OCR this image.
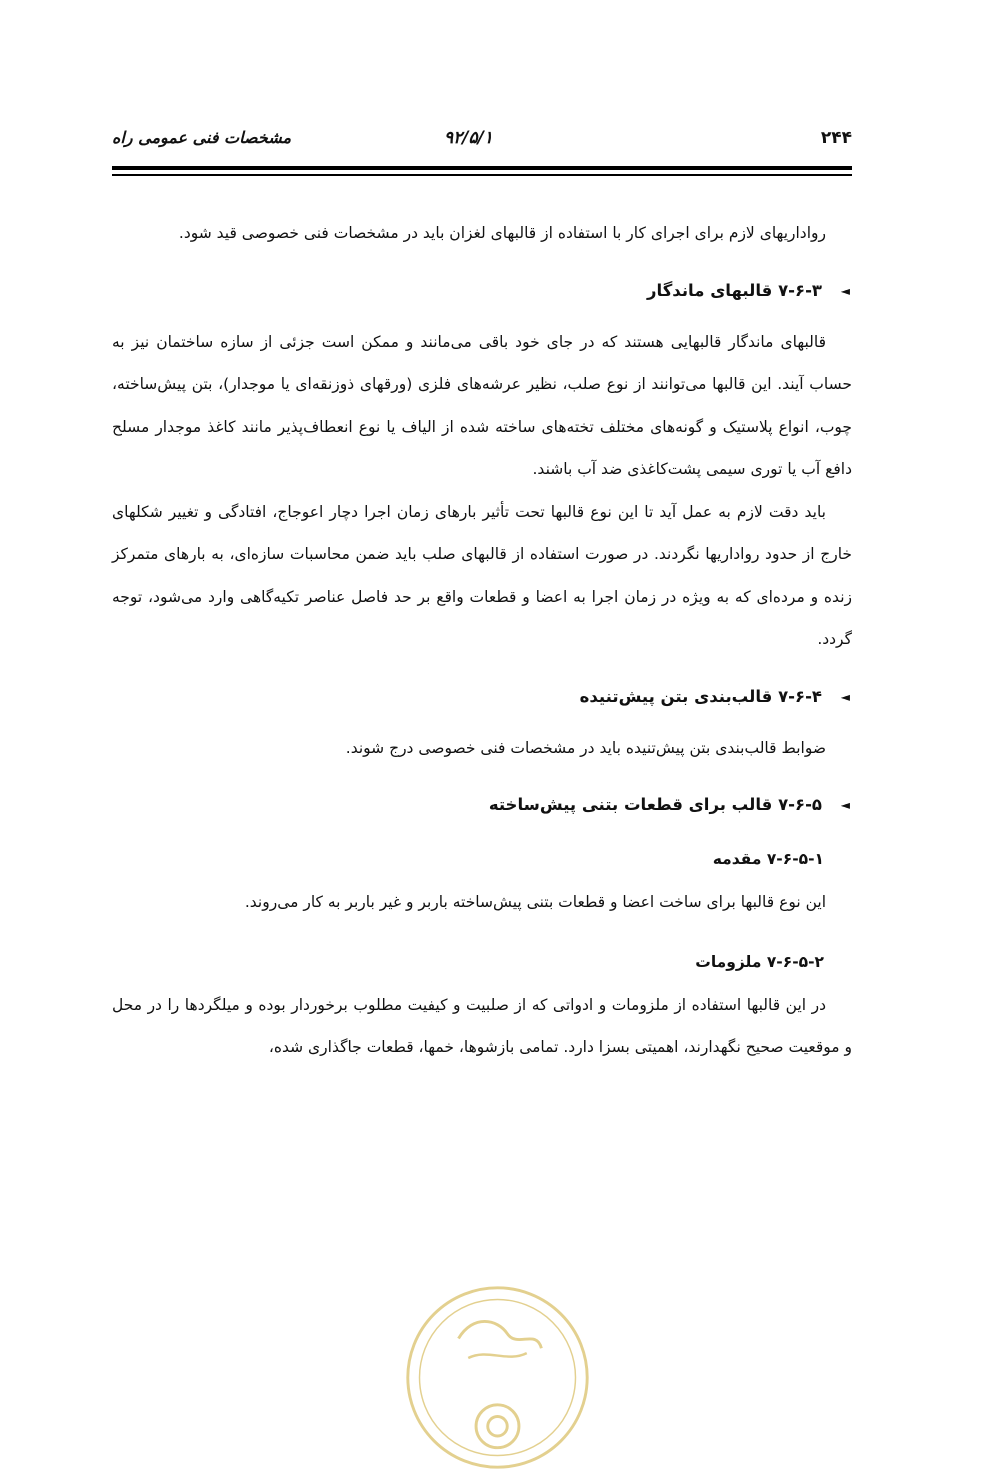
۲۴۴
۹۲/۵/۱
مشخصات فنی عمومی راه

رواداریهای لازم برای اجرای کار با استفاده از قالبهای لغزان باید در مشخصات فنی خصوصی قید شود.

◄
۷-۶-۳ قالبهای ماندگار

قالبهای ماندگار قالبهایی هستند که در جای خود باقی می‌مانند و ممکن است جزئی از سازه ساختمان نیز به حساب آیند. این قالبها می‌توانند از نوع صلب، نظیر عرشه‌های فلزی (ورقهای ذوزنقه‌ای یا موجدار)، بتن پیش‌ساخته، چوب، انواع پلاستیک و گونه‌های مختلف تخته‌های ساخته شده از الیاف یا نوع انعطاف‌پذیر مانند کاغذ موجدار مسلح دافع آب یا توری سیمی پشت‌کاغذی ضد آب باشند.

باید دقت لازم به عمل آید تا این نوع قالبها تحت تأثیر بارهای زمان اجرا دچار اعوجاج، افتادگی و تغییر شکلهای خارج از حدود رواداریها نگردند. در صورت استفاده از قالبهای صلب باید ضمن محاسبات سازه‌ای، به بارهای متمرکز زنده و مرده‌ای که به ویژه در زمان اجرا به اعضا و قطعات واقع بر حد فاصل عناصر تکیه‌گاهی وارد می‌شود، توجه گردد.

◄
۷-۶-۴ قالب‌بندی بتن پیش‌تنیده

ضوابط قالب‌بندی بتن پیش‌تنیده باید در مشخصات فنی خصوصی درج شوند.

◄
۷-۶-۵ قالب برای قطعات بتنی پیش‌ساخته
۷-۶-۵-۱ مقدمه

این نوع قالبها برای ساخت اعضا و قطعات بتنی پیش‌ساخته باربر و غیر باربر به کار می‌روند.

۷-۶-۵-۲ ملزومات

در این قالبها استفاده از ملزومات و ادواتی که از صلبیت و کیفیت مطلوب برخوردار بوده و میلگردها را در محل و موقعیت صحیح نگهدارند، اهمیتی بسزا دارد. تمامی بازشوها، خمها، قطعات جاگذاری شده،
